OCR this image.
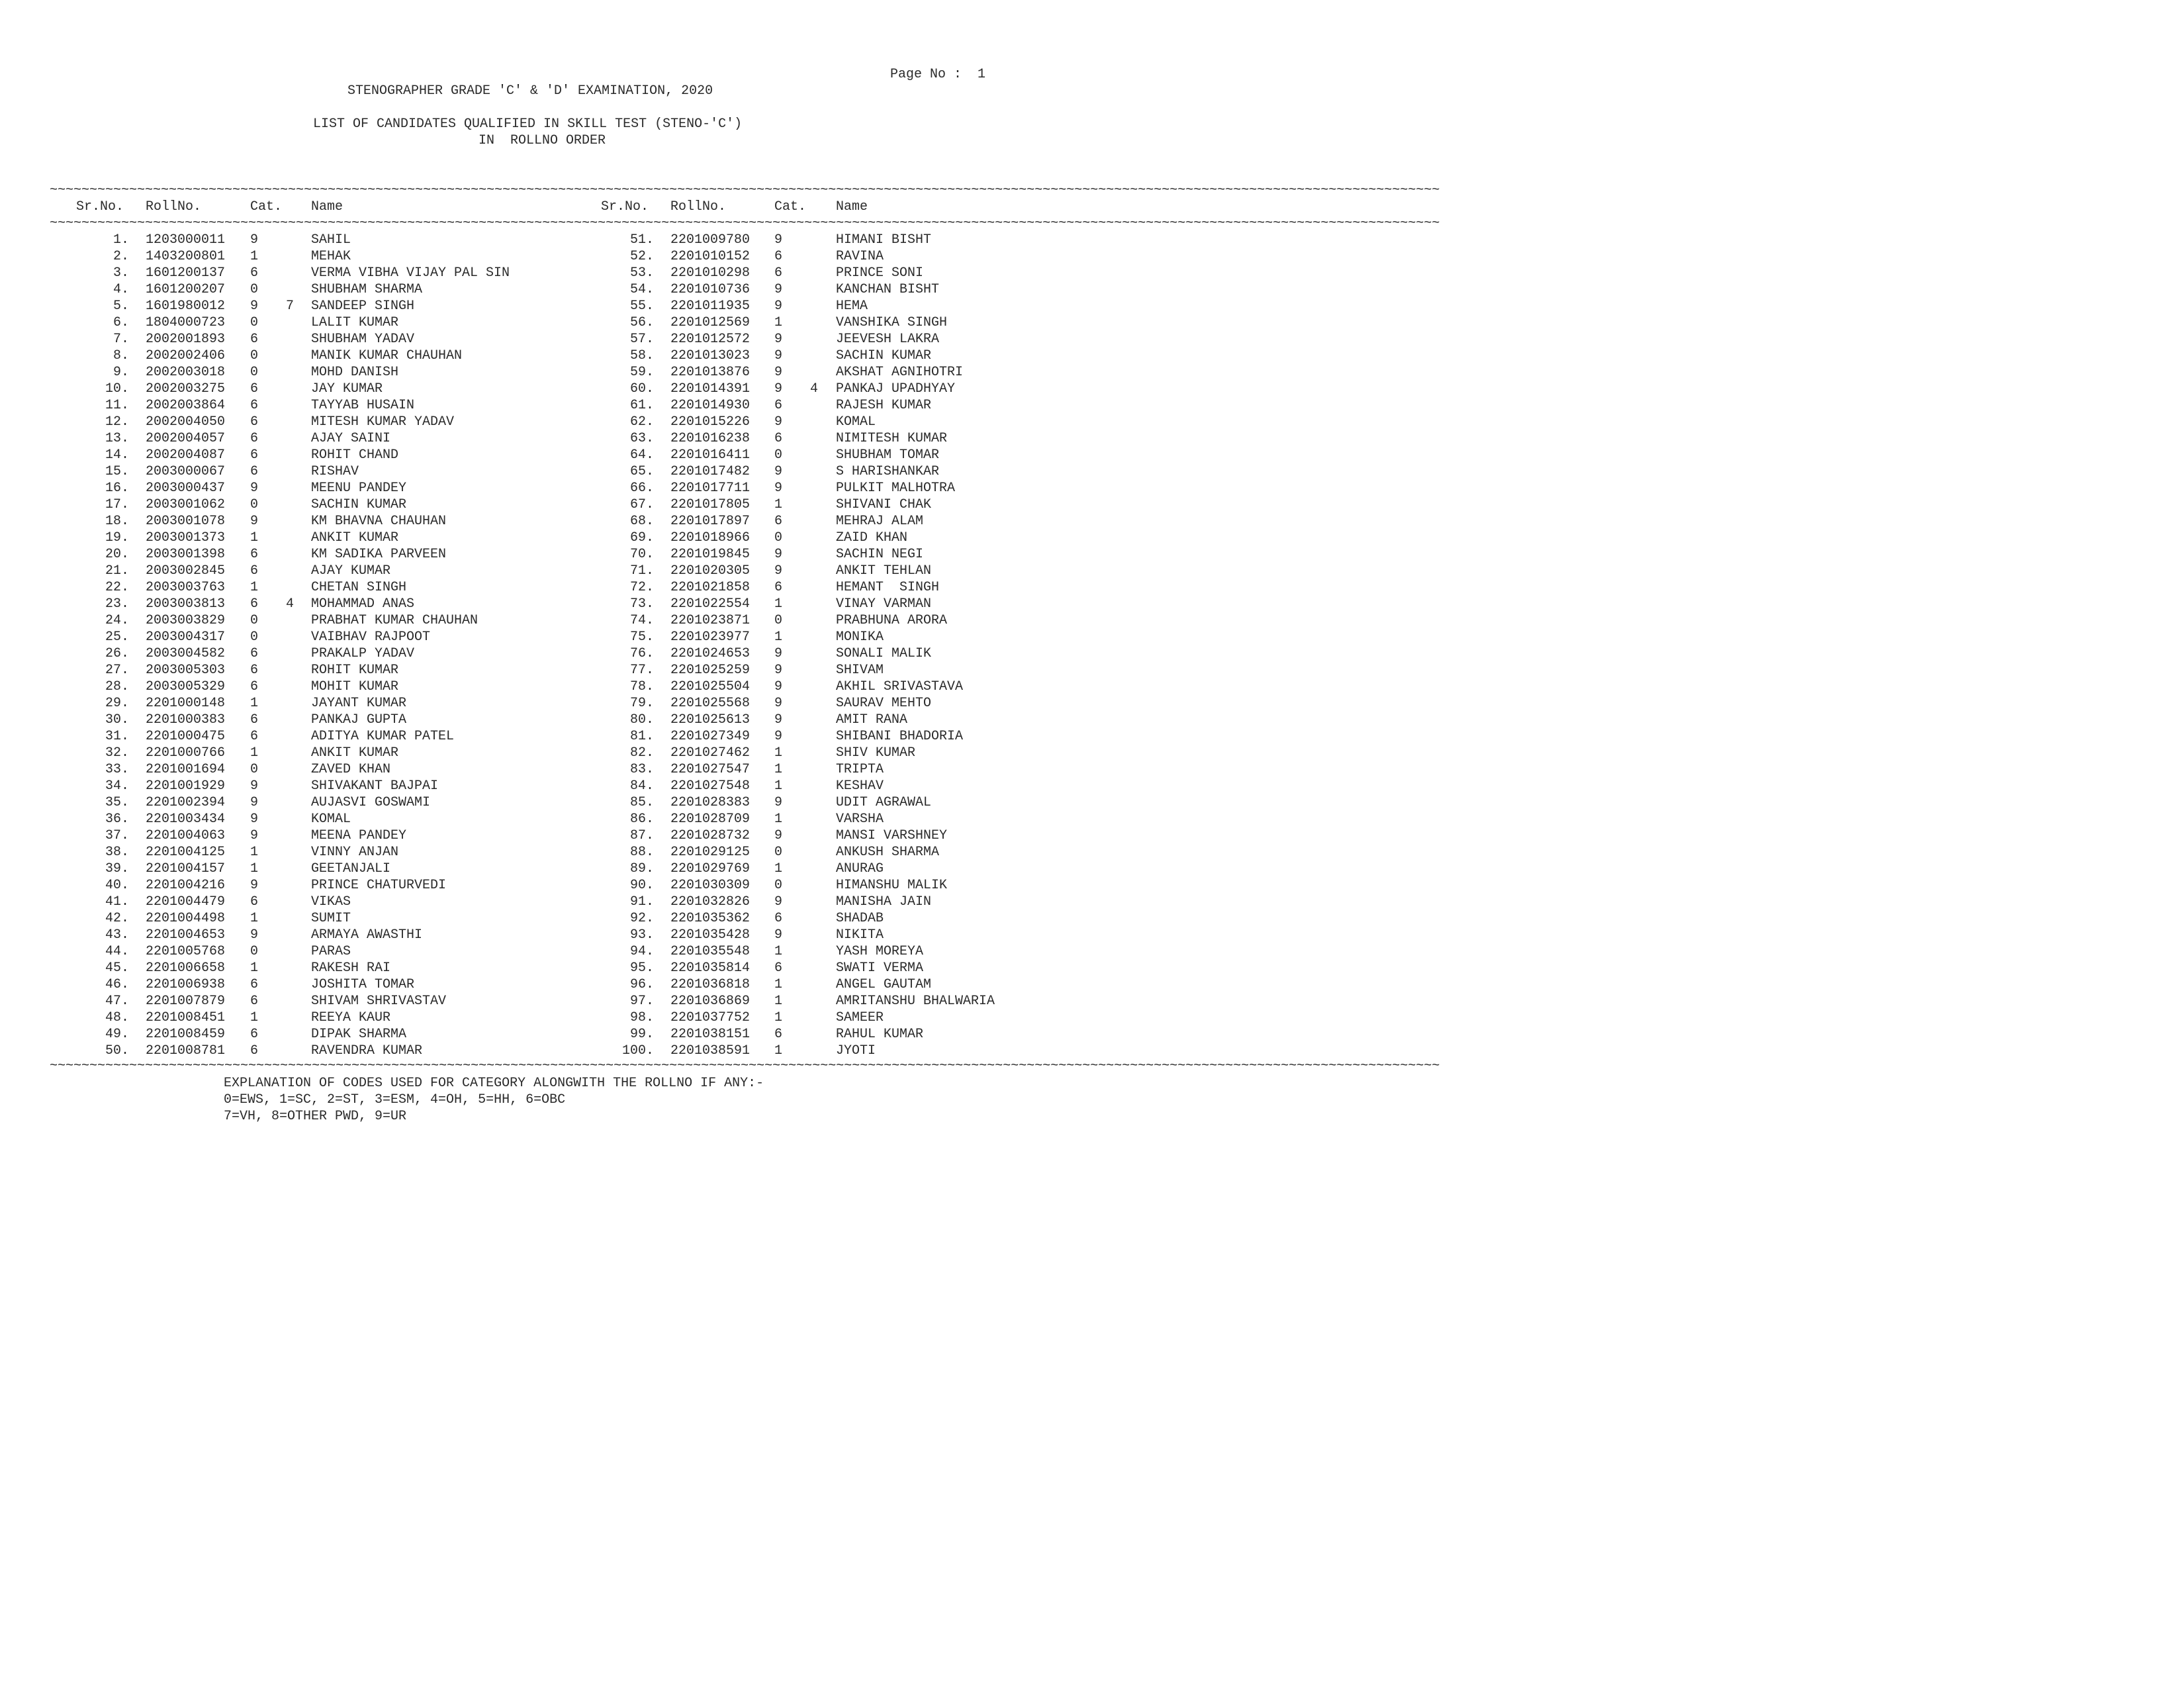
Page No :  1
STENOGRAPHER GRADE 'C' & 'D' EXAMINATION, 2020
LIST OF CANDIDATES QUALIFIED IN SKILL TEST (STENO-'C')
IN  ROLLNO ORDER
~~~~~~~~~~~~~~~~~~~~~~~~~~~~~~~~~~~~~~~~~~~~~~~~~~~~~~~~~~~~~~~~~~~~~~~~~~~~~~~~~~~~~~~~~~~~~~~~~~~~~~~~~~~~~~~~~~~~~~~~~~~~~~~~~~~~~~~~~~~~~~~~~~~~~~~~~~~~~~~~~~~~~~~~~~~~~~~
Sr.No. RollNo.	Cat. Name	Sr.No. RollNo.	Cat. Name
~~~~~~~~~~~~~~~~~~~~~~~~~~~~~~~~~~~~~~~~~~~~~~~~~~~~~~~~~~~~~~~~~~~~~~~~~~~~~~~~~~~~~~~~~~~~~~~~~~~~~~~~~~~~~~~~~~~~~~~~~~~~~~~~~~~~~~~~~~~~~~~~~~~~~~~~~~~~~~~~~~~~~~~~~~~~~~~
1. 1203000011 9	SAHIL	51. 2201009780 9	HIMANI BISHT
2. 1403200801 1	MEHAK	52. 2201010152 6	RAVINA
3. 1601200137 6	VERMA VIBHA VIJAY PAL SIN	53. 2201010298 6	PRINCE SONI
4. 1601200207 0	SHUBHAM SHARMA	54. 2201010736 9	KANCHAN BISHT
5. 1601980012 9 7 SANDEEP SINGH	55. 2201011935 9	HEMA
6. 1804000723 0	LALIT KUMAR	56. 2201012569 1	VANSHIKA SINGH
7. 2002001893 6	SHUBHAM YADAV	57. 2201012572 9	JEEVESH LAKRA
8. 2002002406 0	MANIK KUMAR CHAUHAN	58. 2201013023 9	SACHIN KUMAR
9. 2002003018 0	MOHD DANISH	59. 2201013876 9	AKSHAT AGNIHOTRI
10. 2002003275 6	JAY KUMAR	60. 2201014391 9 4 PANKAJ UPADHYAY
11. 2002003864 6	TAYYAB HUSAIN	61. 2201014930 6	RAJESH KUMAR
12. 2002004050 6	MITESH KUMAR YADAV	62. 2201015226 9	KOMAL
13. 2002004057 6	AJAY SAINI	63. 2201016238 6	NIMITESH KUMAR
14. 2002004087 6	ROHIT CHAND	64. 2201016411 0	SHUBHAM TOMAR
15. 2003000067 6	RISHAV	65. 2201017482 9	S HARISHANKAR
16. 2003000437 9	MEENU PANDEY	66. 2201017711 9	PULKIT MALHOTRA
17. 2003001062 0	SACHIN KUMAR	67. 2201017805 1	SHIVANI CHAK
18. 2003001078 9	KM BHAVNA CHAUHAN	68. 2201017897 6	MEHRAJ ALAM
19. 2003001373 1	ANKIT KUMAR	69. 2201018966 0	ZAID KHAN
20. 2003001398 6	KM SADIKA PARVEEN	70. 2201019845 9	SACHIN NEGI
21. 2003002845 6	AJAY KUMAR	71. 2201020305 9	ANKIT TEHLAN
22. 2003003763 1	CHETAN SINGH	72. 2201021858 6	HEMANT  SINGH
23. 2003003813 6 4 MOHAMMAD ANAS	73. 2201022554 1	VINAY VARMAN
24. 2003003829 0	PRABHAT KUMAR CHAUHAN	74. 2201023871 0	PRABHUNA ARORA
25. 2003004317 0	VAIBHAV RAJPOOT	75. 2201023977 1	MONIKA
26. 2003004582 6	PRAKALP YADAV	76. 2201024653 9	SONALI MALIK
27. 2003005303 6	ROHIT KUMAR	77. 2201025259 9	SHIVAM
28. 2003005329 6	MOHIT KUMAR	78. 2201025504 9	AKHIL SRIVASTAVA
29. 2201000148 1	JAYANT KUMAR	79. 2201025568 9	SAURAV MEHTO
30. 2201000383 6	PANKAJ GUPTA	80. 2201025613 9	AMIT RANA
31. 2201000475 6	ADITYA KUMAR PATEL	81. 2201027349 9	SHIBANI BHADORIA
32. 2201000766 1	ANKIT KUMAR	82. 2201027462 1	SHIV KUMAR
33. 2201001694 0	ZAVED KHAN	83. 2201027547 1	TRIPTA
34. 2201001929 9	SHIVAKANT BAJPAI	84. 2201027548 1	KESHAV
35. 2201002394 9	AUJASVI GOSWAMI	85. 2201028383 9	UDIT AGRAWAL
36. 2201003434 9	KOMAL	86. 2201028709 1	VARSHA
37. 2201004063 9	MEENA PANDEY	87. 2201028732 9	MANSI VARSHNEY
38. 2201004125 1	VINNY ANJAN	88. 2201029125 0	ANKUSH SHARMA
39. 2201004157 1	GEETANJALI	89. 2201029769 1	ANURAG
40. 2201004216 9	PRINCE CHATURVEDI	90. 2201030309 0	HIMANSHU MALIK
41. 2201004479 6	VIKAS	91. 2201032826 9	MANISHA JAIN
42. 2201004498 1	SUMIT	92. 2201035362 6	SHADAB
43. 2201004653 9	ARMAYA AWASTHI	93. 2201035428 9	NIKITA
44. 2201005768 0	PARAS	94. 2201035548 1	YASH MOREYA
45. 2201006658 1	RAKESH RAI	95. 2201035814 6	SWATI VERMA
46. 2201006938 6	JOSHITA TOMAR	96. 2201036818 1	ANGEL GAUTAM
47. 2201007879 6	SHIVAM SHRIVASTAV	97. 2201036869 1	AMRITANSHU BHALWARIA
48. 2201008451 1	REEYA KAUR	98. 2201037752 1	SAMEER
49. 2201008459 6	DIPAK SHARMA	99. 2201038151 6	RAHUL KUMAR
50. 2201008781 6	RAVENDRA KUMAR	100. 2201038591 1	JYOTI
~~~~~~~~~~~~~~~~~~~~~~~~~~~~~~~~~~~~~~~~~~~~~~~~~~~~~~~~~~~~~~~~~~~~~~~~~~~~~~~~~~~~~~~~~~~~~~~~~~~~~~~~~~~~~~~~~~~~~~~~~~~~~~~~~~~~~~~~~~~~~~~~~~~~~~~~~~~~~~~~~~~~~~~~~~~~~~~
EXPLANATION OF CODES USED FOR CATEGORY ALONGWITH THE ROLLNO IF ANY:-
0=EWS, 1=SC, 2=ST, 3=ESM, 4=OH, 5=HH, 6=OBC
7=VH, 8=OTHER PWD, 9=UR
